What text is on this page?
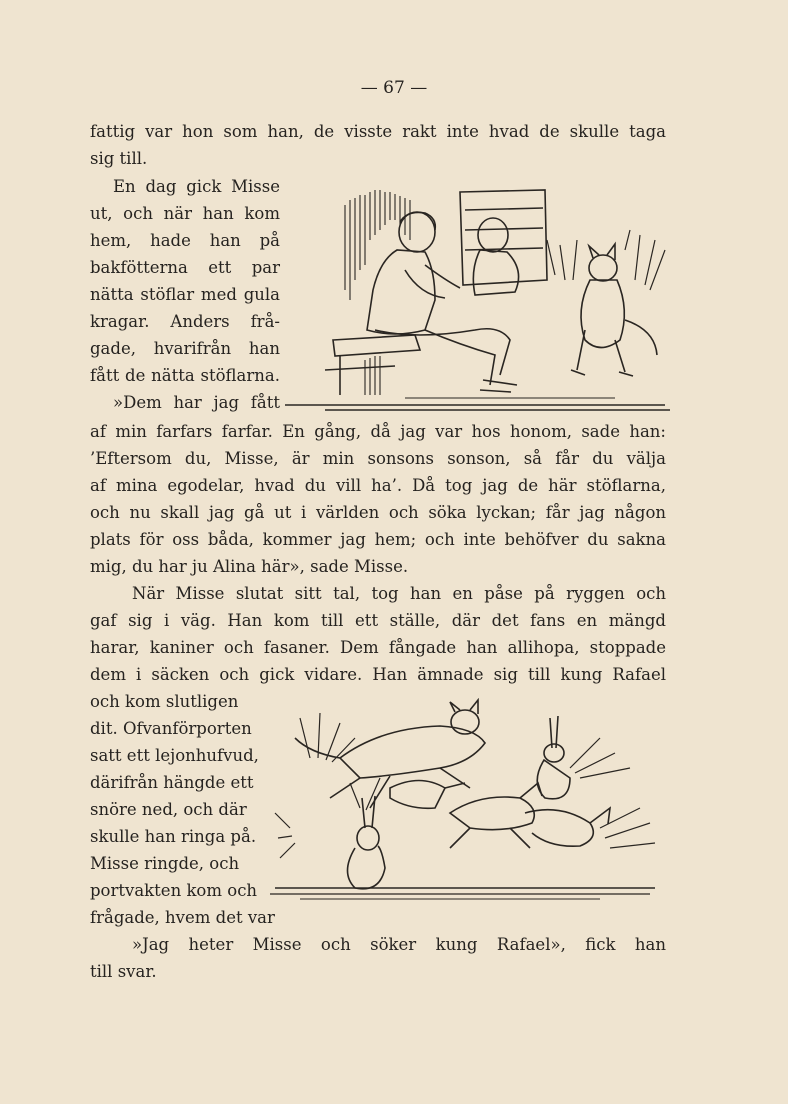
— 67 —
fattig var hon som han, de visste rakt inte hvad de skulle taga
sig till.
En dag gick Misse
ut, och när han kom
hem, hade han på
bakfötterna ett par
nätta stöflar med gula
kragar. Anders frå-
gade, hvarifrån han
fått de nätta stöflarna.
»Dem har jag fått
af min farfars farfar. En gång, då jag var hos honom, sade han:
’Eftersom du, Misse, är min sonsons sonson, så får du välja
af mina egodelar, hvad du vill ha’. Då tog jag de här stöflarna,
och nu skall jag gå ut i världen och söka lyckan; får jag någon
plats för oss båda, kommer jag hem; och inte behöfver du sakna
mig, du har ju Alina här», sade Misse.
När Misse slutat sitt tal, tog han en påse på ryggen och
gaf sig i väg. Han kom till ett ställe, där det fans en mängd
harar, kaniner och fasaner. Dem fångade han allihopa, stoppade
dem i säcken och gick vidare. Han ämnade sig till kung Rafael
och kom slutligen
dit. Ofvanförporten
satt ett lejonhufvud,
därifrån hängde ett
snöre ned, och där
skulle han ringa på.
Misse ringde, och
portvakten kom och
frågade, hvem det var
»Jag heter Misse och söker kung Rafael», fick han
till svar.
